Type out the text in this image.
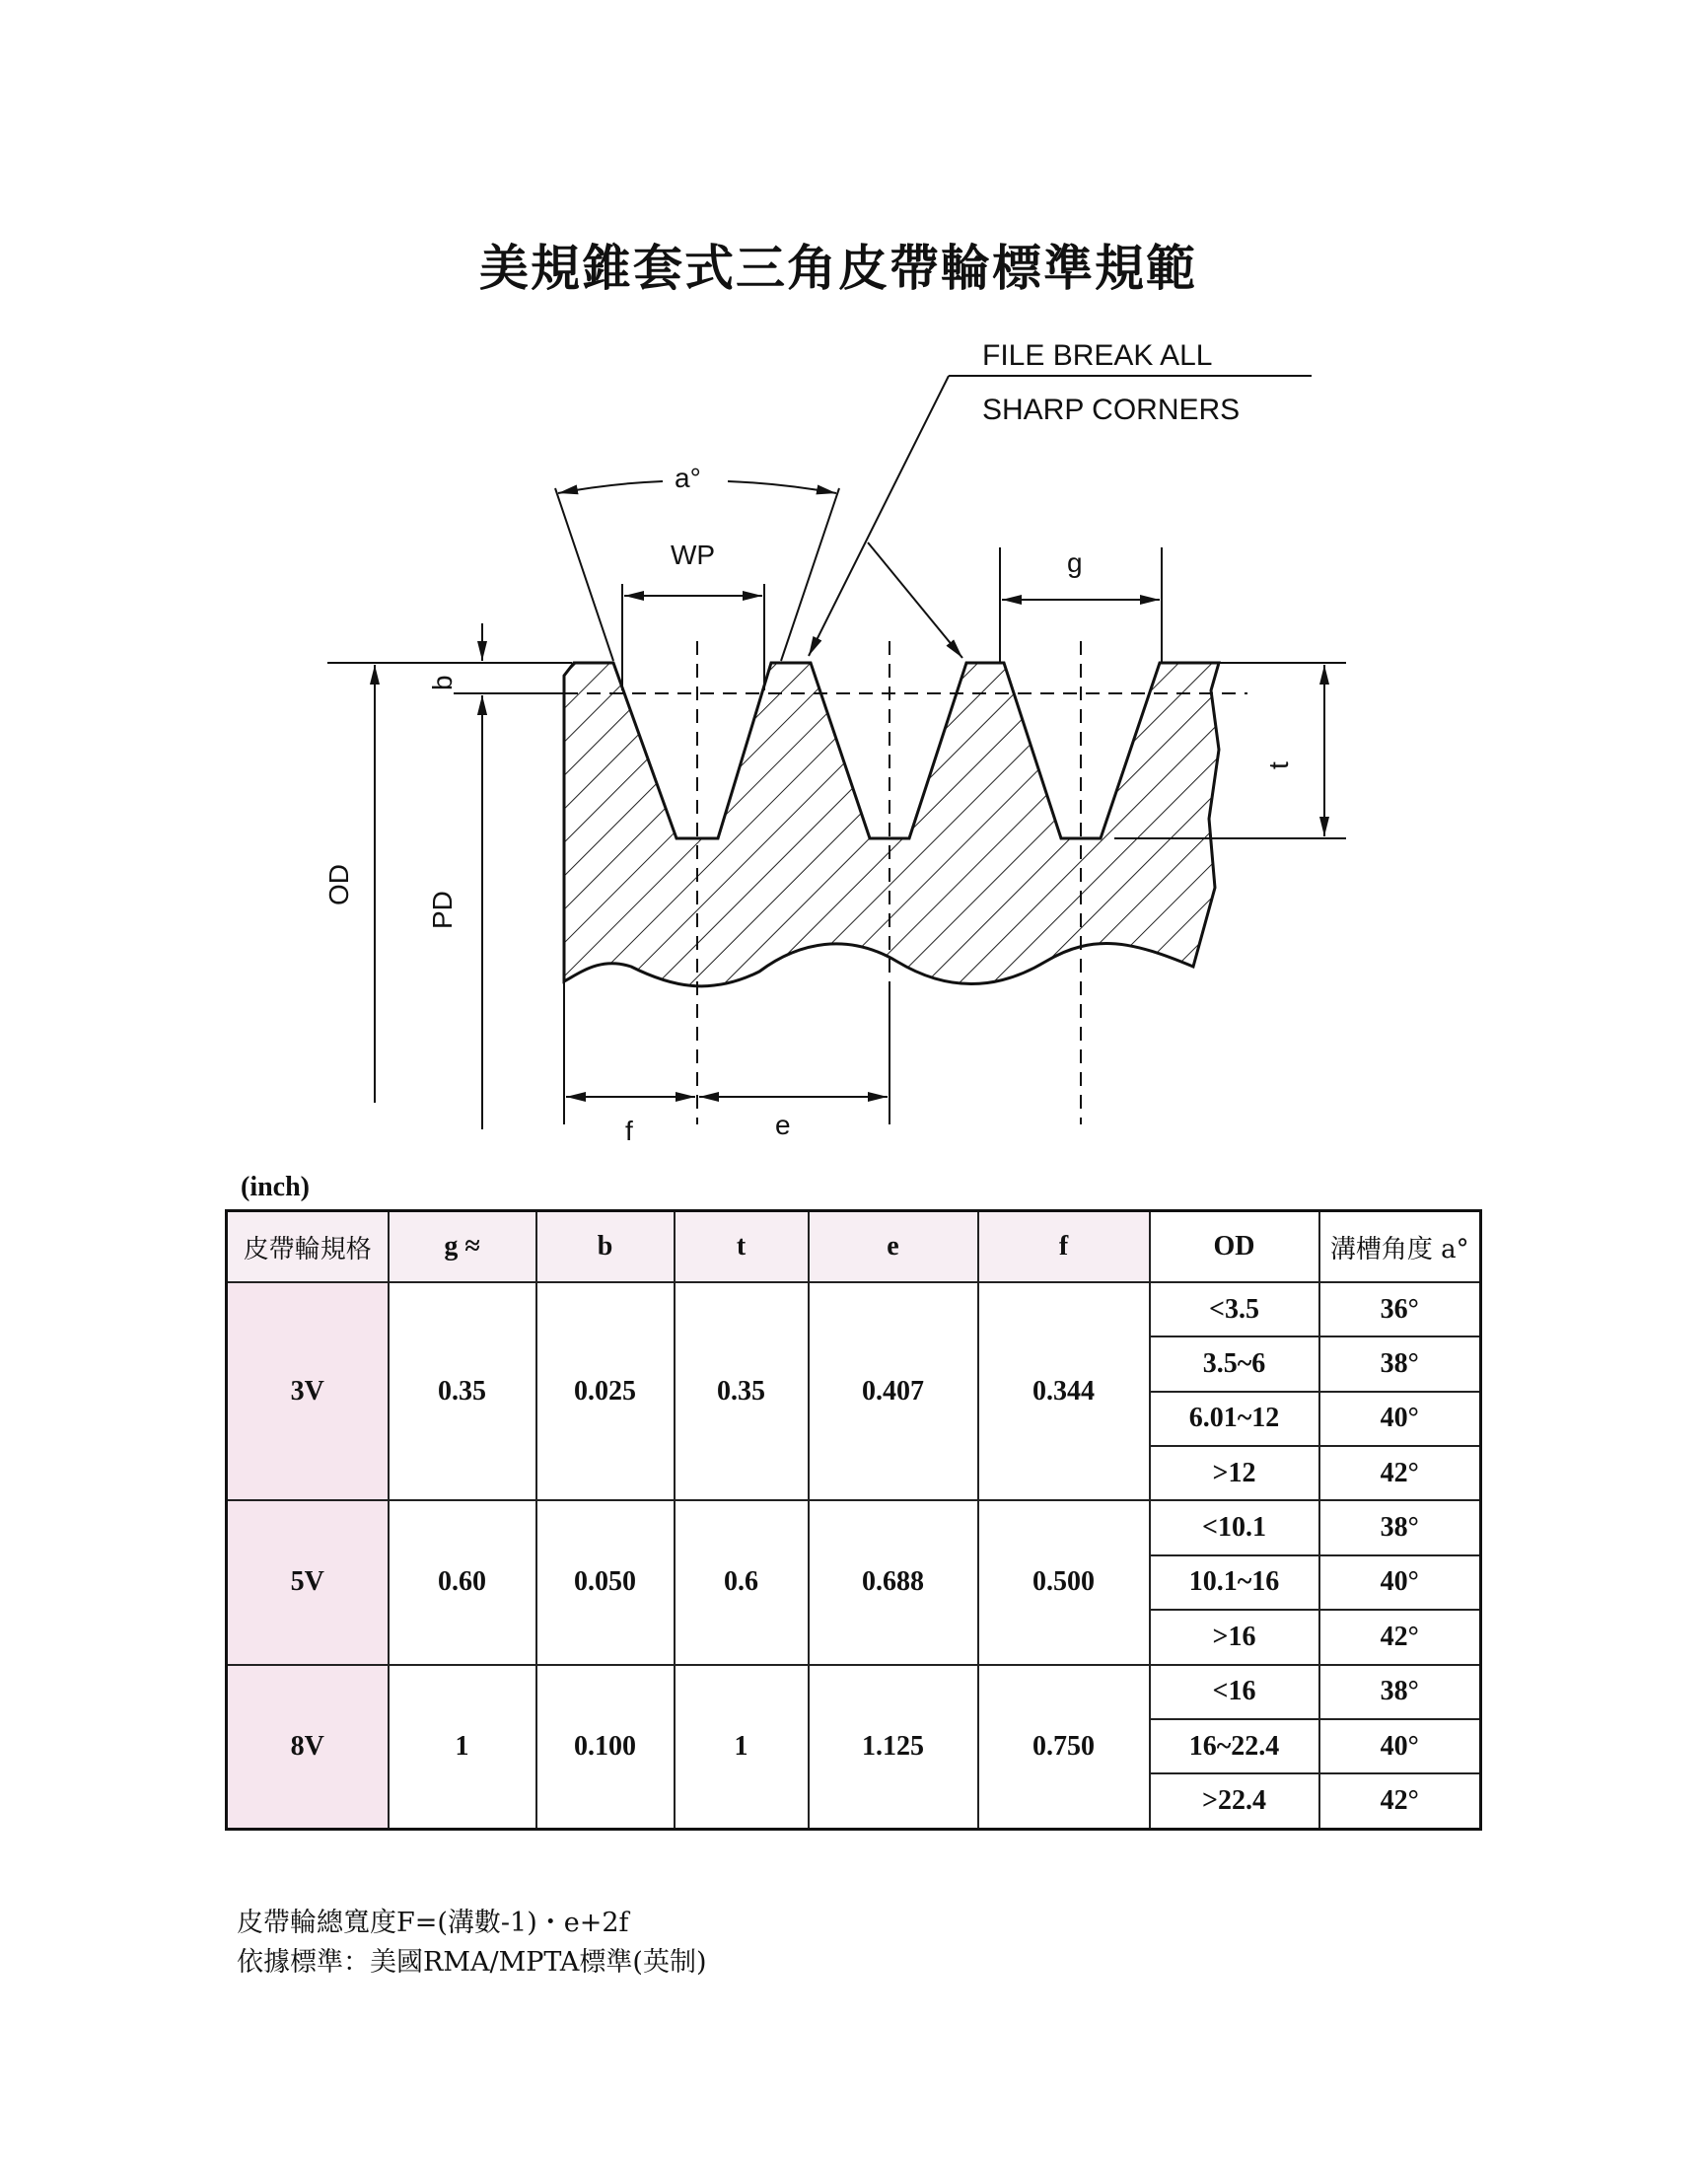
美規錐套式三角皮帶輪標準規範
OD
PD
b
t
WP
a°
g
f	e
FILE BREAK ALL
SHARP CORNERS
(inch)
皮帶輪規格	g ≈	b	t	e	f	OD	溝槽角度 a°
3V	0.35	0.025	0.35	0.407	0.344	<3.5	36°
						3.5~6	38°
						6.01~12	40°
						>12	42°
5V	0.60	0.050	0.6	0.688	0.500	<10.1	38°
						10.1~16	40°
						>16	42°
8V	1	0.100	1	1.125	0.750	<16	38°
						16~22.4	40°
						>22.4	42°

皮帶輪總寬度F=(溝數-1)・e+2f

依據標準：美國RMA/MPTA標準(英制)
